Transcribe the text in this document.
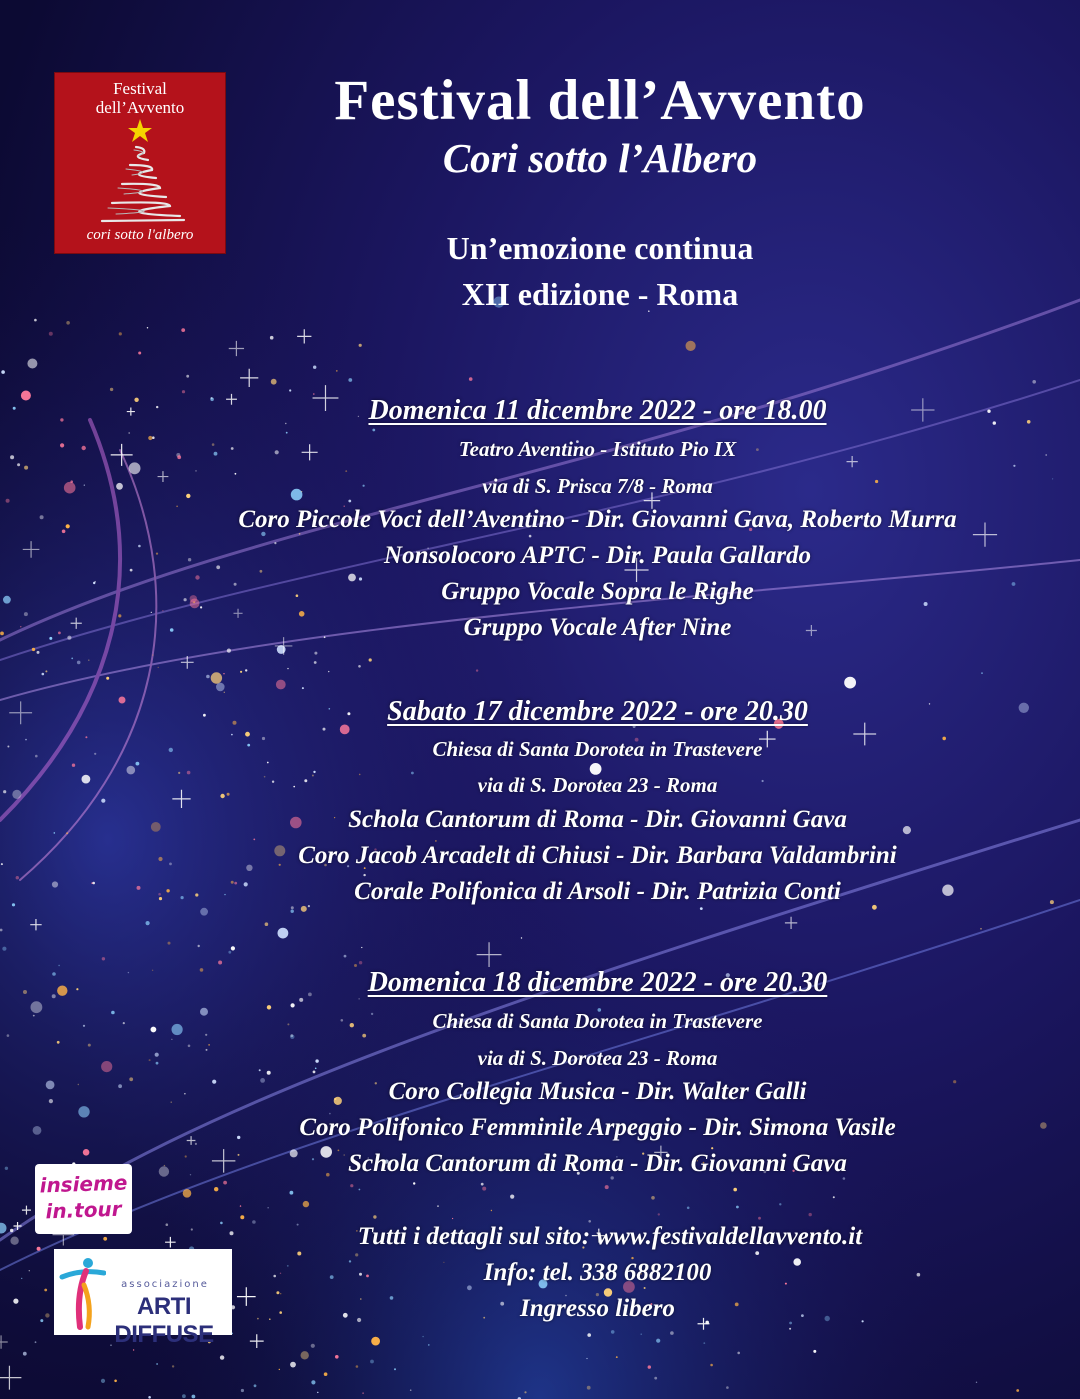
Festival
dell’Avvento
cori sotto l'albero
Festival dell’Avvento
Cori sotto l’Albero
Un’emozione continua
XII edizione - Roma
Domenica 11 dicembre 2022 - ore 18.00
Teatro Aventino - Istituto Pio IX
via di S. Prisca 7/8 - Roma
Coro Piccole Voci dell’Aventino - Dir. Giovanni Gava, Roberto Murra
Nonsolocoro APTC - Dir. Paula Gallardo
Gruppo Vocale Sopra le Righe
Gruppo Vocale After Nine
Sabato 17 dicembre 2022 - ore 20.30
Chiesa di Santa Dorotea in Trastevere
via di S. Dorotea 23 - Roma
Schola Cantorum di Roma - Dir. Giovanni Gava
Coro Jacob Arcadelt di Chiusi - Dir. Barbara Valdambrini
Corale Polifonica di Arsoli - Dir. Patrizia Conti
Domenica 18 dicembre 2022 - ore 20.30
Chiesa di Santa Dorotea in Trastevere
via di S. Dorotea 23 - Roma
Coro Collegia Musica - Dir. Walter Galli
Coro Polifonico Femminile Arpeggio - Dir. Simona Vasile
Schola Cantorum di Roma - Dir. Giovanni Gava
Tutti i dettagli sul sito: www.festivaldellavvento.it
Info: tel. 338 6882100
Ingresso libero
insieme
in.tour
associazione
ARTI DIFFUSE
